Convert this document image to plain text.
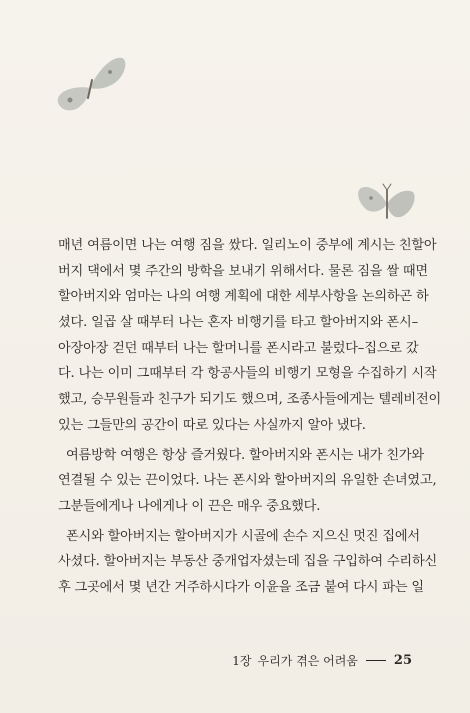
매년 여름이면 나는 여행 짐을 쌌다. 일리노이 중부에 계시는 친할아
버지 댁에서 몇 주간의 방학을 보내기 위해서다. 물론 짐을 쌀 때면
할아버지와 엄마는 나의 여행 계획에 대한 세부사항을 논의하곤 하
셨다. 일곱 살 때부터 나는 혼자 비행기를 타고 할아버지와 폰시–
아장아장 걷던 때부터 나는 할머니를 폰시라고 불렀다–집으로 갔
다. 나는 이미 그때부터 각 항공사들의 비행기 모형을 수집하기 시작
했고, 승무원들과 친구가 되기도 했으며, 조종사들에게는 텔레비전이
있는 그들만의 공간이 따로 있다는 사실까지 알아 냈다.
여름방학 여행은 항상 즐거웠다. 할아버지와 폰시는 내가 친가와
연결될 수 있는 끈이었다. 나는 폰시와 할아버지의 유일한 손녀였고,
그분들에게나 나에게나 이 끈은 매우 중요했다.
폰시와 할아버지는 할아버지가 시골에 손수 지으신 멋진 집에서
사셨다. 할아버지는 부동산 중개업자셨는데 집을 구입하여 수리하신
후 그곳에서 몇 년간 거주하시다가 이윤을 조금 붙여 다시 파는 일
1장 우리가 겪은 어려움	25
